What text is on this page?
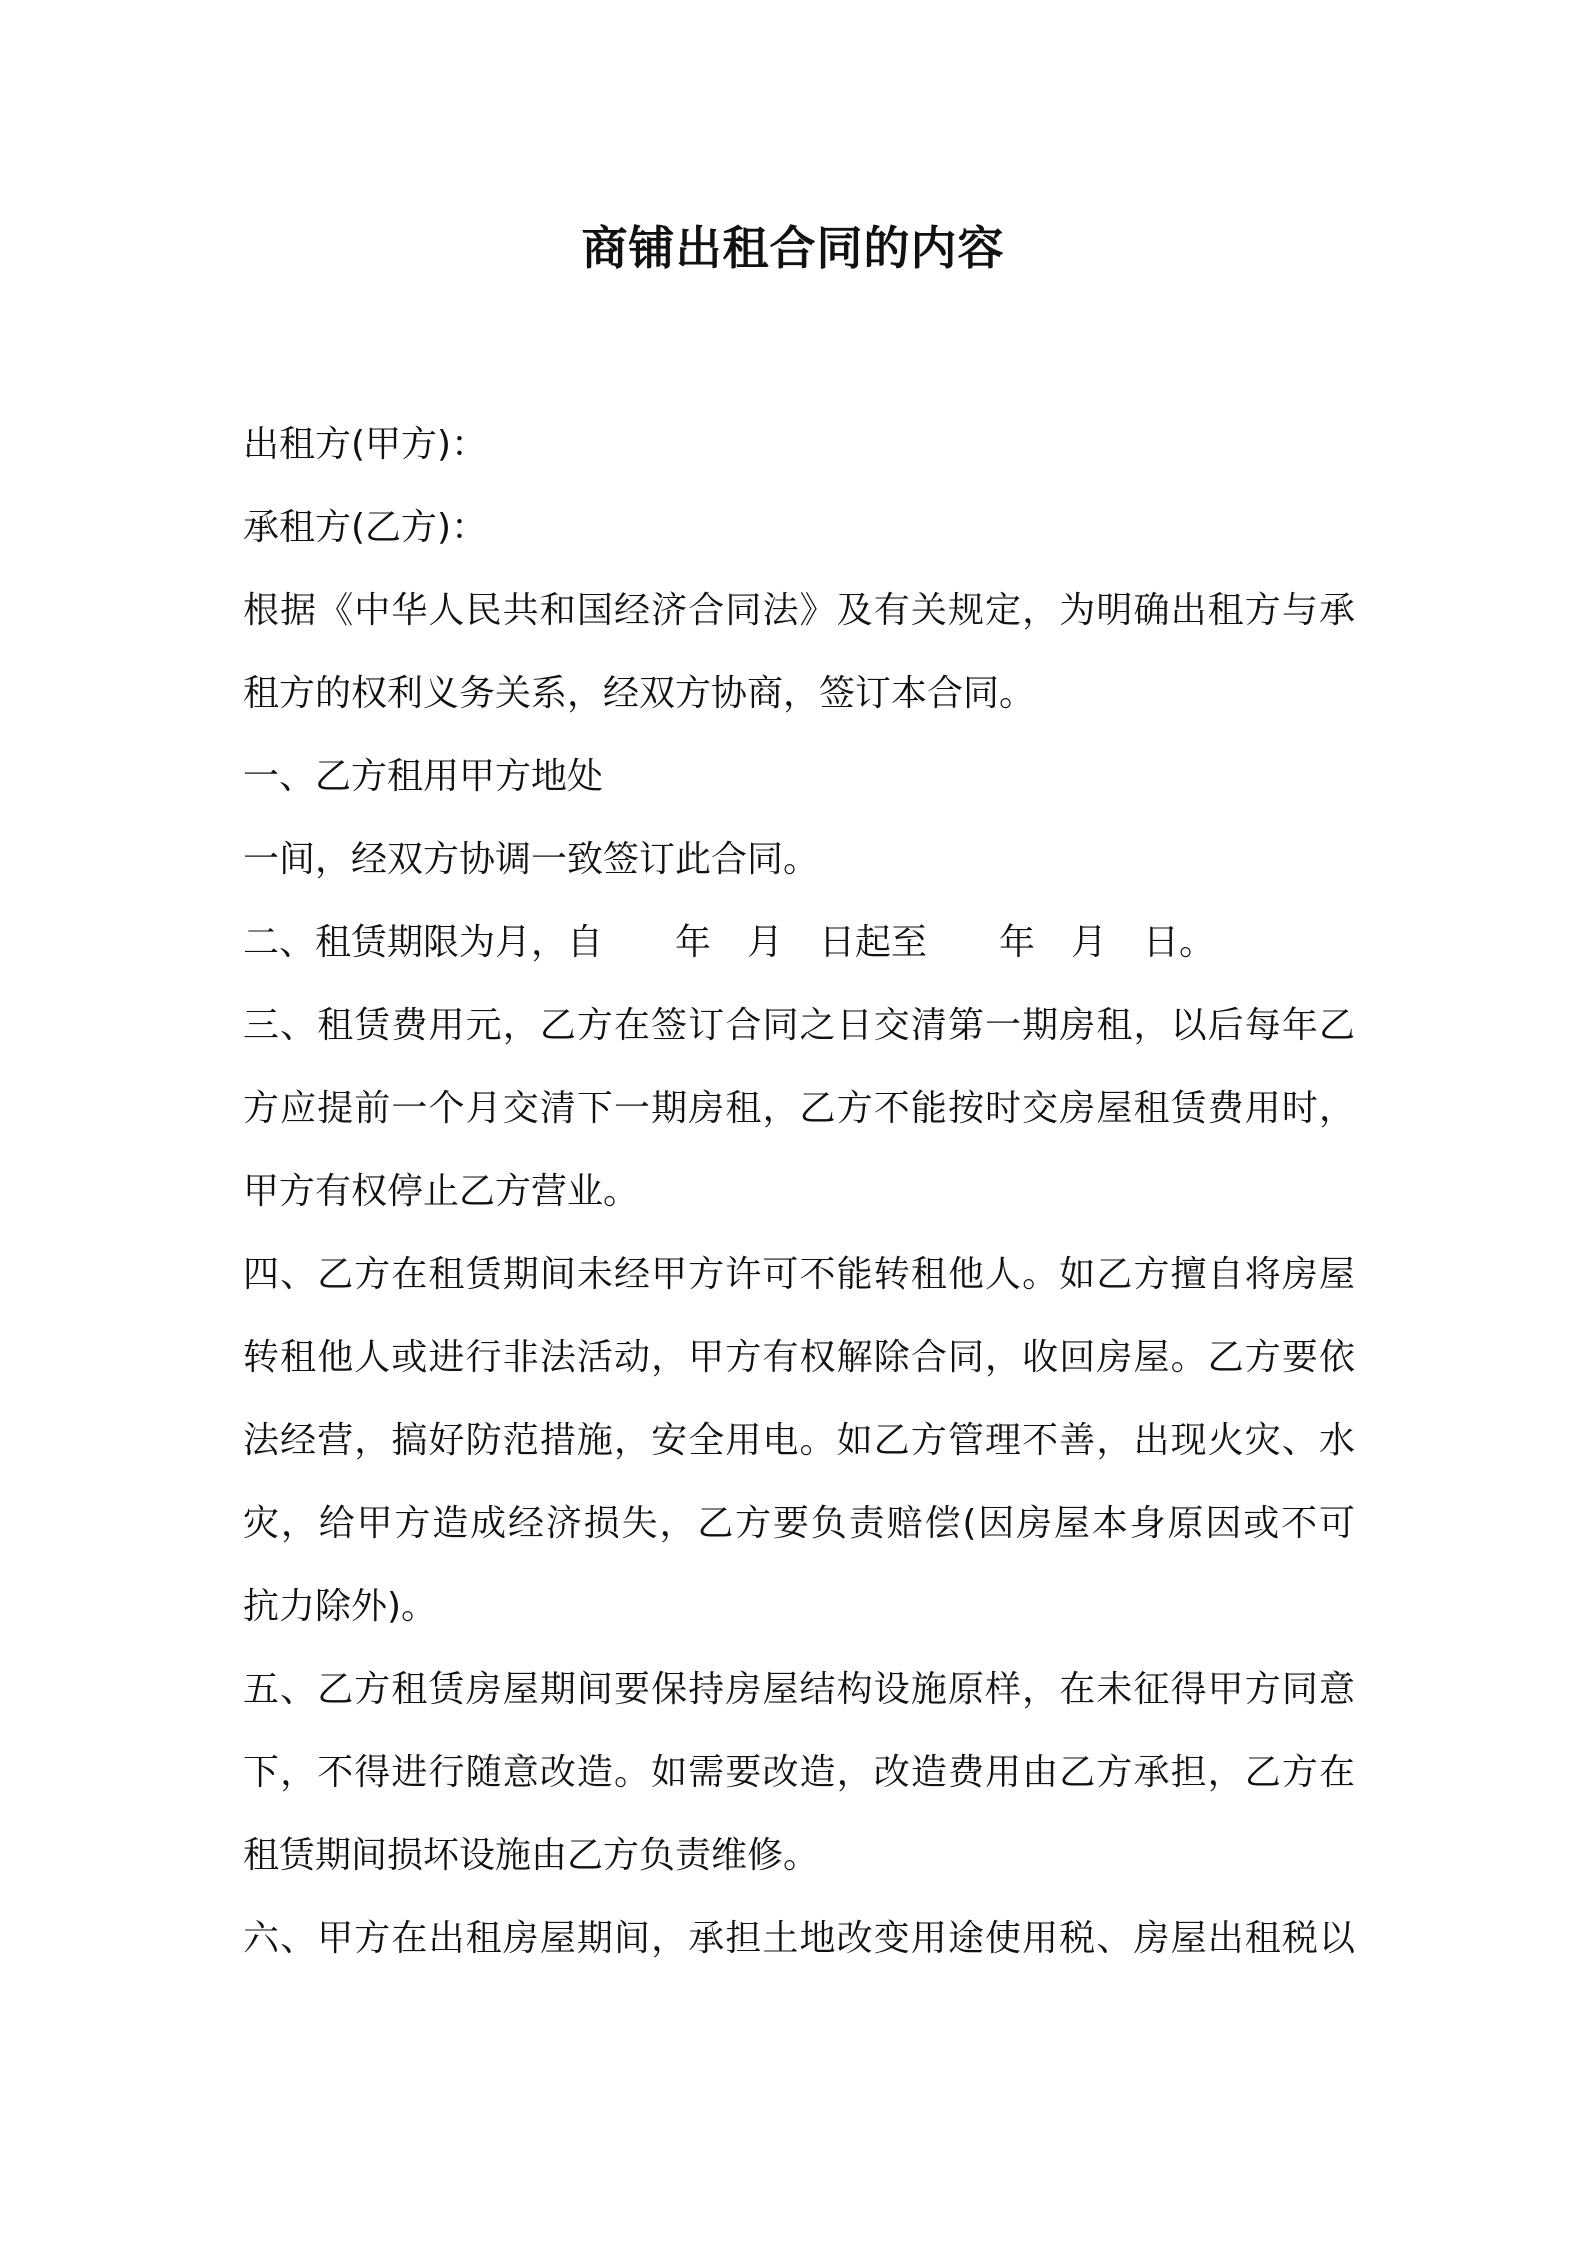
商铺出租合同的内容
出租方(甲方)：
承租方(乙方)：
根据《中华人民共和国经济合同法》及有关规定，为明确出租方与承
租方的权利义务关系，经双方协商，签订本合同。
一、乙方租用甲方地处
一间，经双方协调一致签订此合同。
二、租赁期限为月，自　　年　月　日起至　　年　月　日。
三、租赁费用元，乙方在签订合同之日交清第一期房租，以后每年乙
方应提前一个月交清下一期房租，乙方不能按时交房屋租赁费用时，
甲方有权停止乙方营业。
四、乙方在租赁期间未经甲方许可不能转租他人。如乙方擅自将房屋
转租他人或进行非法活动，甲方有权解除合同，收回房屋。乙方要依
法经营，搞好防范措施，安全用电。如乙方管理不善，出现火灾、水
灾，给甲方造成经济损失，乙方要负责赔偿(因房屋本身原因或不可
抗力除外)。
五、乙方租赁房屋期间要保持房屋结构设施原样，在未征得甲方同意
下，不得进行随意改造。如需要改造，改造费用由乙方承担，乙方在
租赁期间损坏设施由乙方负责维修。
六、甲方在出租房屋期间，承担土地改变用途使用税、房屋出租税以
